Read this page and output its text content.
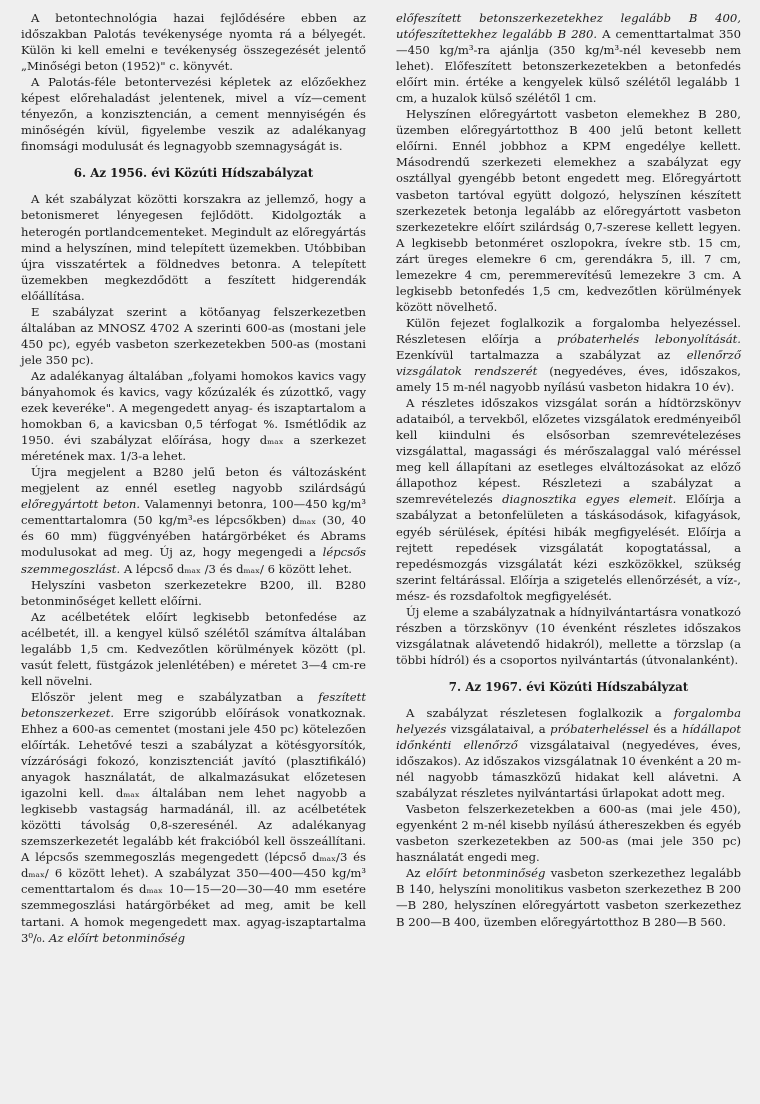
A betontechnológia hazai fejlődésére ebben az időszakban Palotás tevékenysége nyomta rá a bélyegét. Külön ki kell emelni e tevékenység összegezését jelentő „Minőségi beton (1952)" c. könyvét.

A Palotás-féle betontervezési képletek az előzőekhez képest előrehaladást jelentenek, mivel a víz—cement tényezőn, a konzisztencián, a cement mennyiségén és minőségén kívül, figyelembe veszik az adalékanyag finomsági modulusát és legnagyobb szemnagyságát is.

6. Az 1956. évi Közúti Hídszabályzat

A két szabályzat közötti korszakra az jellemző, hogy a betonismeret lényegesen fejlődött. Kidolgozták a heterogén portlandcementeket. Megindult az előregyártás mind a helyszínen, mind telepített üzemekben. Utóbbiban újra visszatértek a földnedves betonra. A telepített üzemekben megkezdődött a feszített hidgerendák előállítása.

E szabályzat szerint a kötőanyag felszerkezetben általában az MNOSZ 4702 A szerinti 600-as (mostani jele 450 pc), egyéb vasbeton szerkezetekben 500-as (mostani jele 350 pc).

Az adalékanyag általában „folyami homokos kavics vagy bányahomok és kavics, vagy kőzúzalék és zúzottkő, vagy ezek keveréke". A megengedett anyag- és iszaptartalom a homokban 6, a kavicsban 0,5 térfogat %. Ismétlődik az 1950. évi szabályzat előírása, hogy dₘₐₓ a szerkezet méretének max. 1/3-a lehet.

Újra megjelent a B280 jelű beton és változásként megjelent az ennél esetleg nagyobb szilárdságú előregyártott beton. Valamennyi betonra, 100—450 kg/m³ cementtartalomra (50 kg/m³-es lépcsőkben) dₘₐₓ (30, 40 és 60 mm) függvényében határgörbéket és Abrams modulusokat ad meg. Új az, hogy megengedi a lépcsős szemmegoszlást. A lépcső dₘₐₓ /3 és dₘₐₓ/ 6 között lehet.

Helyszíni vasbeton szerkezetekre B200, ill. B280 betonminőséget kellett előírni.

Az acélbetétek előírt legkisebb betonfedése az acélbetét, ill. a kengyel külső szélétől számítva általában legalább 1,5 cm. Kedvezőtlen körülmények között (pl. vasút felett, füstgázok jelenlétében) e méretet 3—4 cm-re kell növelni.

Először jelent meg e szabályzatban a feszített betonszerkezet. Erre szigorúbb előírások vonatkoznak. Ehhez a 600-as cementet (mostani jele 450 pc) kötelezően előírták. Lehetővé teszi a szabályzat a kötésgyorsítók, vízzárósági fokozó, konzisztenciát javító (plasztifikáló) anyagok használatát, de alkalmazásukat előzetesen igazolni kell. dₘₐₓ általában nem lehet nagyobb a legkisebb vastagság harmadánál, ill. az acélbetétek közötti távolság 0,8-szeresénél. Az adalékanyag szemszerkezetét legalább két frakcióból kell összeállítani. A lépcsős szemmegoszlás megengedett (lépcső dₘₐₓ/3 és dₘₐₓ/ 6 között lehet). A szabályzat 350—400—450 kg/m³ cementtartalom és dₘₐₓ 10—15—20—30—40 mm esetére szemmegoszlási határgörbéket ad meg, amit be kell tartani. A homok megengedett max. agyag-iszaptartalma 3⁰/₀. Az előírt betonminőség

előfeszített betonszerkezetekhez legalább B 400, utófeszítettekhez legalább B 280. A cementtartalmat 350—450 kg/m³-ra ajánlja (350 kg/m³-nél kevesebb nem lehet). Előfeszített betonszerkezetekben a betonfedés előírt min. értéke a kengyelek külső szélétől legalább 1 cm, a huzalok külső szélétől 1 cm.

Helyszínen előregyártott vasbeton elemekhez B 280, üzemben előregyártotthoz B 400 jelű betont kellett előírni. Ennél jobbhoz a KPM engedélye kellett. Másodrendű szerkezeti elemekhez a szabályzat egy osztállyal gyengébb betont engedett meg. Előregyártott vasbeton tartóval együtt dolgozó, helyszínen készített szerkezetek betonja legalább az előregyártott vasbeton szerkezetekre előírt szilárdság 0,7-szerese kellett legyen. A legkisebb betonméret oszlopokra, ívekre stb. 15 cm, zárt üreges elemekre 6 cm, gerendákra 5, ill. 7 cm, lemezekre 4 cm, peremmerevítésű lemezekre 3 cm. A legkisebb betonfedés 1,5 cm, kedvezőtlen körülmények között növelhető.

Külön fejezet foglalkozik a forgalomba helyezéssel. Részletesen előírja a próbaterhelés lebonyolítását. Ezenkívül tartalmazza a szabályzat az ellenőrző vizsgálatok rendszerét (negyedéves, éves, időszakos, amely 15 m-nél nagyobb nyílású vasbeton hidakra 10 év).

A részletes időszakos vizsgálat során a hídtörzskönyv adataiból, a tervekből, előzetes vizsgálatok eredményeiből kell kiindulni és elsősorban szemrevételezéses vizsgálattal, magassági és mérőszalaggal való méréssel meg kell állapítani az esetleges elváltozásokat az előző állapothoz képest. Részletezi a szabályzat a szemrevételezés diagnosztika egyes elemeit. Előírja a szabályzat a betonfelületen a táskásodások, kifagyások, egyéb sérülések, építési hibák megfigyelését. Előírja a rejtett repedések vizsgálatát kopogtatással, a repedésmozgás vizsgálatát kézi eszközökkel, szükség szerint feltárással. Előírja a szigetelés ellenőrzését, a víz-, mész- és rozsdafoltok megfigyelését.

Új eleme a szabályzatnak a hídnyilvántartásra vonatkozó részben a törzskönyv (10 évenként részletes időszakos vizsgálatnak alávetendő hidakról), mellette a törzslap (a többi hídról) és a csoportos nyilvántartás (útvonalanként).

7. Az 1967. évi Közúti Hídszabályzat

A szabályzat részletesen foglalkozik a forgalomba helyezés vizsgálataival, a próbaterheléssel és a hídállapot időnkénti ellenőrző vizsgálataival (negyedéves, éves, időszakos). Az időszakos vizsgálatnak 10 évenként a 20 m-nél nagyobb támaszközű hidakat kell alávetni. A szabályzat részletes nyilvántartási űrlapokat adott meg.

Vasbeton felszerkezetekben a 600-as (mai jele 450), egyenként 2 m-nél kisebb nyílású áthereszekben és egyéb vasbeton szerkezetekben az 500-as (mai jele 350 pc) használatát engedi meg.

Az előírt betonminőség vasbeton szerkezethez legalább B 140, helyszíni monolitikus vasbeton szerkezethez B 200—B 280, helyszínen előregyártott vasbeton szerkezethez B 200—B 400, üzemben előregyártotthoz B 280—B 560.
